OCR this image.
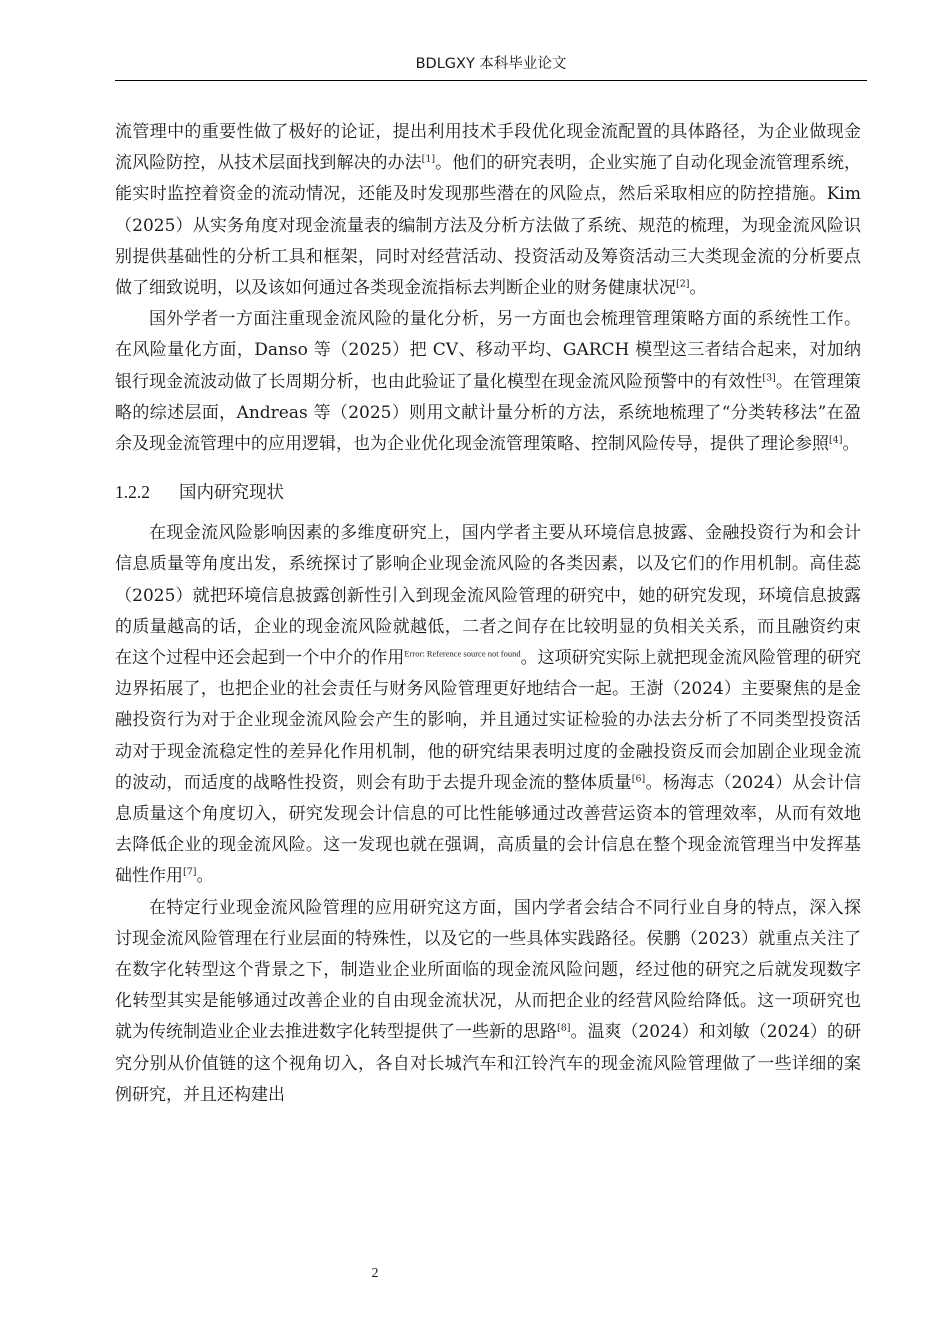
BDLGXY 本科毕业论文

流管理中的重要性做了极好的论证，提出利用技术手段优化现金流配置的具体路径，为企业做现金流风险防控，从技术层面找到解决的办法[1]。他们的研究表明，企业实施了自动化现金流管理系统，能实时监控着资金的流动情况，还能及时发现那些潜在的风险点，然后采取相应的防控措施。Kim（2025）从实务角度对现金流量表的编制方法及分析方法做了系统、规范的梳理，为现金流风险识别提供基础性的分析工具和框架，同时对经营活动、投资活动及筹资活动三大类现金流的分析要点做了细致说明，以及该如何通过各类现金流指标去判断企业的财务健康状况[2]。

国外学者一方面注重现金流风险的量化分析，另一方面也会梳理管理策略方面的系统性工作。在风险量化方面，Danso 等（2025）把 CV、移动平均、GARCH 模型这三者结合起来，对加纳银行现金流波动做了长周期分析，也由此验证了量化模型在现金流风险预警中的有效性[3]。在管理策略的综述层面，Andreas 等（2025）则用文献计量分析的方法，系统地梳理了“分类转移法”在盈余及现金流管理中的应用逻辑，也为企业优化现金流管理策略、控制风险传导，提供了理论参照[4]。

1.2.2 国内研究现状

在现金流风险影响因素的多维度研究上，国内学者主要从环境信息披露、金融投资行为和会计信息质量等角度出发，系统探讨了影响企业现金流风险的各类因素，以及它们的作用机制。高佳蕊（2025）就把环境信息披露创新性引入到现金流风险管理的研究中，她的研究发现，环境信息披露的质量越高的话，企业的现金流风险就越低，二者之间存在比较明显的负相关关系，而且融资约束在这个过程中还会起到一个中介的作用$^{Error: Reference source not found}$。这项研究实际上就把现金流风险管理的研究边界拓展了，也把企业的社会责任与财务风险管理更好地结合一起。王澍（2024）主要聚焦的是金融投资行为对于企业现金流风险会产生的影响，并且通过实证检验的办法去分析了不同类型投资活动对于现金流稳定性的差异化作用机制，他的研究结果表明过度的金融投资反而会加剧企业现金流的波动，而适度的战略性投资，则会有助于去提升现金流的整体质量[6]。杨海志（2024）从会计信息质量这个角度切入，研究发现会计信息的可比性能够通过改善营运资本的管理效率，从而有效地去降低企业的现金流风险。这一发现也就在强调，高质量的会计信息在整个现金流管理当中发挥基础性作用[7]。

在特定行业现金流风险管理的应用研究这方面，国内学者会结合不同行业自身的特点，深入探讨现金流风险管理在行业层面的特殊性，以及它的一些具体实践路径。侯鹏（2023）就重点关注了在数字化转型这个背景之下，制造业企业所面临的现金流风险问题，经过他的研究之后就发现数字化转型其实是能够通过改善企业的自由现金流状况，从而把企业的经营风险给降低。这一项研究也就为传统制造业企业去推进数字化转型提供了一些新的思路[8]。温爽（2024）和刘敏（2024）的研究分别从价值链的这个视角切入，各自对长城汽车和江铃汽车的现金流风险管理做了一些详细的案例研究，并且还构建出

2
